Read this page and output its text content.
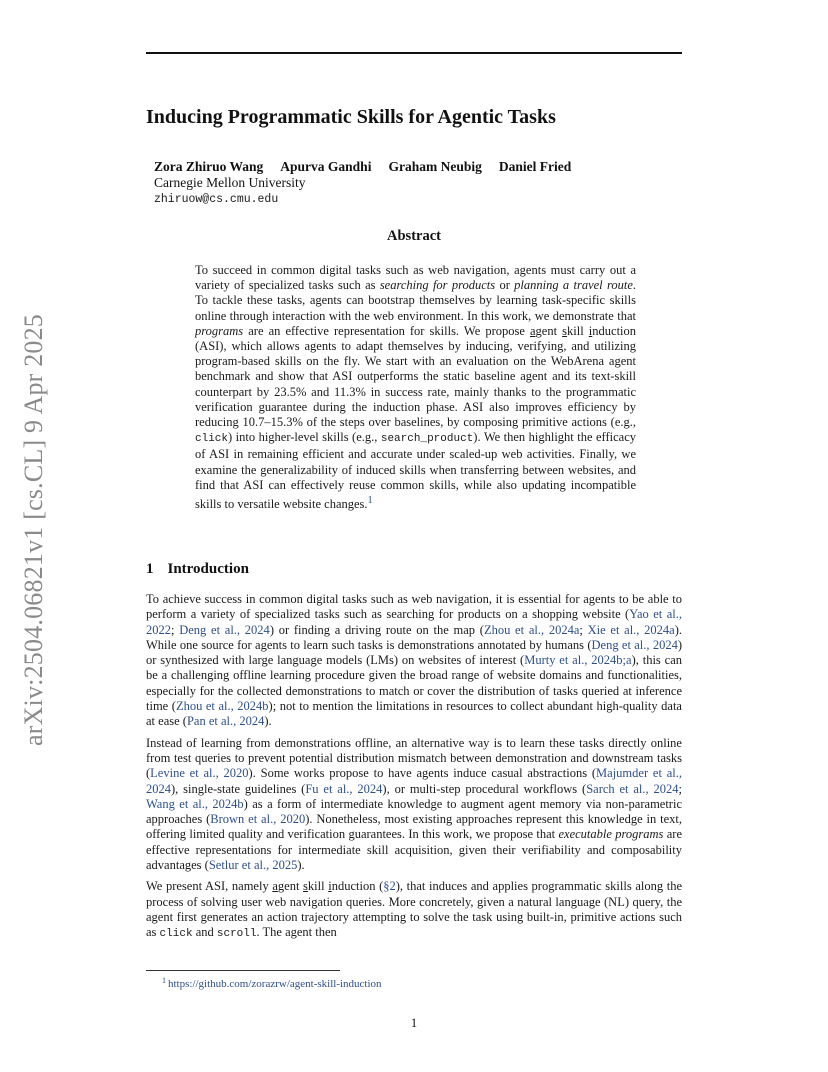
arXiv:2504.06821v1 [cs.CL] 9 Apr 2025
Inducing Programmatic Skills for Agentic Tasks
Zora Zhiruo Wang Apurva Gandhi Graham Neubig Daniel Fried
Carnegie Mellon University
zhiruow@cs.cmu.edu
Abstract

To succeed in common digital tasks such as web navigation, agents must carry out a variety of specialized tasks such as searching for products or planning a travel route. To tackle these tasks, agents can bootstrap themselves by learning task-specific skills online through interaction with the web environment. In this work, we demonstrate that programs are an effective representation for skills. We propose agent skill induction (ASI), which allows agents to adapt themselves by inducing, verifying, and utilizing program-based skills on the fly. We start with an evaluation on the WebArena agent benchmark and show that ASI outperforms the static baseline agent and its text-skill counterpart by 23.5% and 11.3% in success rate, mainly thanks to the programmatic verification guarantee during the induction phase. ASI also improves efficiency by reducing 10.7–15.3% of the steps over baselines, by composing primitive actions (e.g., click) into higher-level skills (e.g., search_product). We then highlight the efficacy of ASI in remaining efficient and accurate under scaled-up web activities. Finally, we examine the generalizability of induced skills when transferring between websites, and find that ASI can effectively reuse common skills, while also updating incompatible skills to versatile website changes.$^1$

1 Introduction

To achieve success in common digital tasks such as web navigation, it is essential for agents to be able to perform a variety of specialized tasks such as searching for products on a shopping website (Yao et al., 2022; Deng et al., 2024) or finding a driving route on the map (Zhou et al., 2024a; Xie et al., 2024a). While one source for agents to learn such tasks is demonstrations annotated by humans (Deng et al., 2024) or synthesized with large language models (LMs) on websites of interest (Murty et al., 2024b;a), this can be a challenging offline learning procedure given the broad range of website domains and functionalities, especially for the collected demonstrations to match or cover the distribution of tasks queried at inference time (Zhou et al., 2024b); not to mention the limitations in resources to collect abundant high-quality data at ease (Pan et al., 2024).

Instead of learning from demonstrations offline, an alternative way is to learn these tasks directly online from test queries to prevent potential distribution mismatch between demonstration and downstream tasks (Levine et al., 2020). Some works propose to have agents induce casual abstractions (Majumder et al., 2024), single-state guidelines (Fu et al., 2024), or multi-step procedural workflows (Sarch et al., 2024; Wang et al., 2024b) as a form of intermediate knowledge to augment agent memory via non-parametric approaches (Brown et al., 2020). Nonetheless, most existing approaches represent this knowledge in text, offering limited quality and verification guarantees. In this work, we propose that executable programs are effective representations for intermediate skill acquisition, given their verifiability and composability advantages (Setlur et al., 2025).

We present ASI, namely agent skill induction (§2), that induces and applies programmatic skills along the process of solving user web navigation queries. More concretely, given a natural language (NL) query, the agent first generates an action trajectory attempting to solve the task using built-in, primitive actions such as click and scroll. The agent then

$^1$ https://github.com/zorazrw/agent-skill-induction
1
